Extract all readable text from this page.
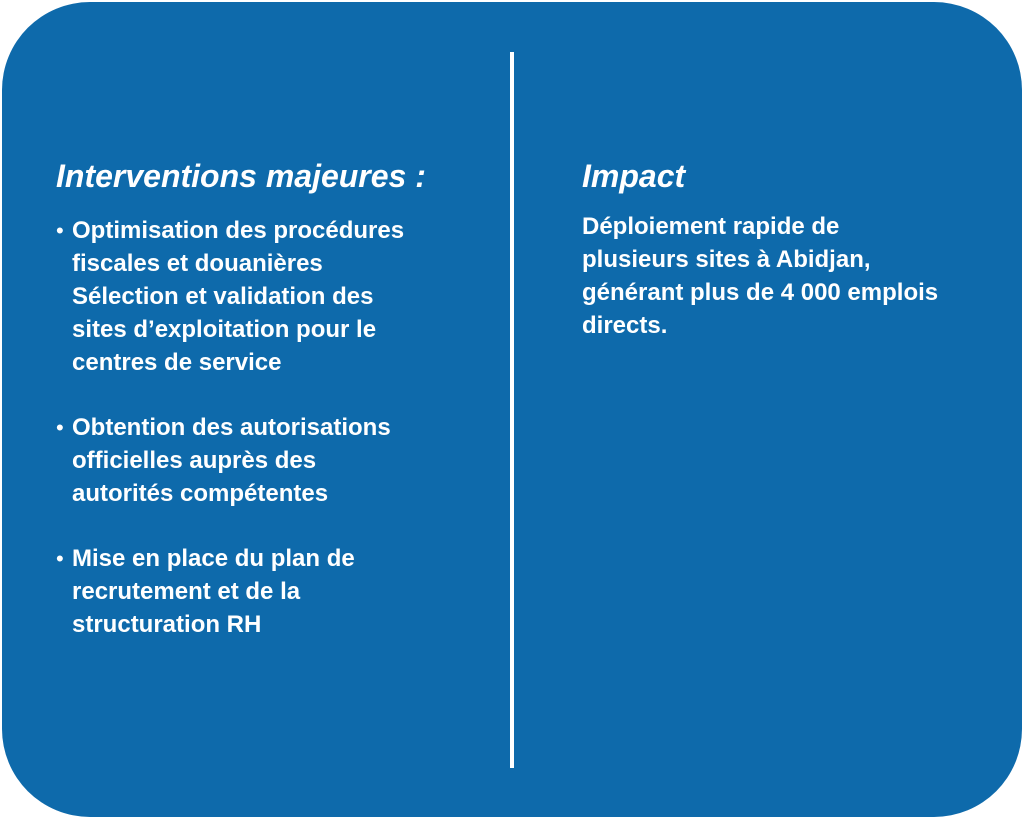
Interventions majeures :
• Optimisation des procédures
fiscales et douanières
Sélection et validation des
sites d’exploitation pour le
centres de service
• Obtention des autorisations
officielles auprès des
autorités compétentes
• Mise en place du plan de
recrutement et de la
structuration RH
Impact
Déploiement rapide de
plusieurs sites à Abidjan,
générant plus de 4 000 emplois
directs.
